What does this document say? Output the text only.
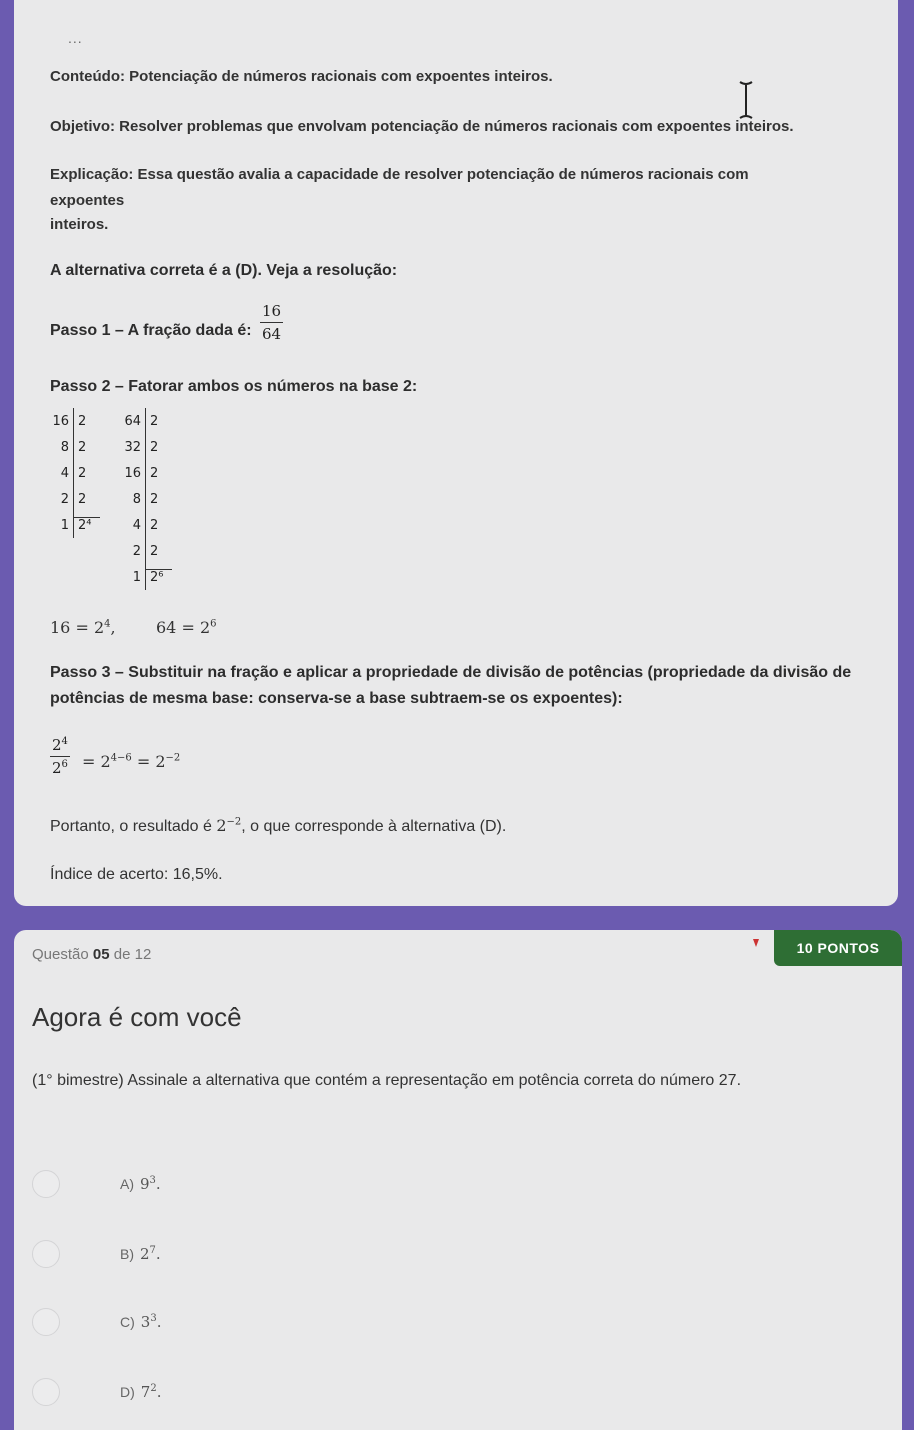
...
Conteúdo: Potenciação de números racionais com expoentes inteiros.
Objetivo: Resolver problemas que envolvam potenciação de números racionais com expoentes inteiros.
Explicação: Essa questão avalia a capacidade de resolver potenciação de números racionais com
expoentes
inteiros.
A alternativa correta é a (D). Veja a resolução:
Passo 1 – A fração dada é: $\frac{16}{64}$
Passo 2 – Fatorar ambos os números na base 2:
16 2
8 2
4 2
2 2
1 2⁴
64 2
32 2
16 2
8 2
4 2
2 2
1 2⁶
$16 = 2^4$,	$64 = 2^6$
Passo 3 – Substituir na fração e aplicar a propriedade de divisão de potências (propriedade da divisão de
potências de mesma base: conserva-se a base subtraem-se os expoentes):
$\frac{2^4}{2^6} = 2^{4-6} = 2^{-2}$
Portanto, o resultado é $2^{-2}$, o que corresponde à alternativa (D).
Índice de acerto: 16,5%.
Questão 05 de 12	10 PONTOS
Agora é com você
(1° bimestre) Assinale a alternativa que contém a representação em potência correta do número 27.
A) $9^3$.
B) $2^7$.
C) $3^3$.
D) $7^2$.
